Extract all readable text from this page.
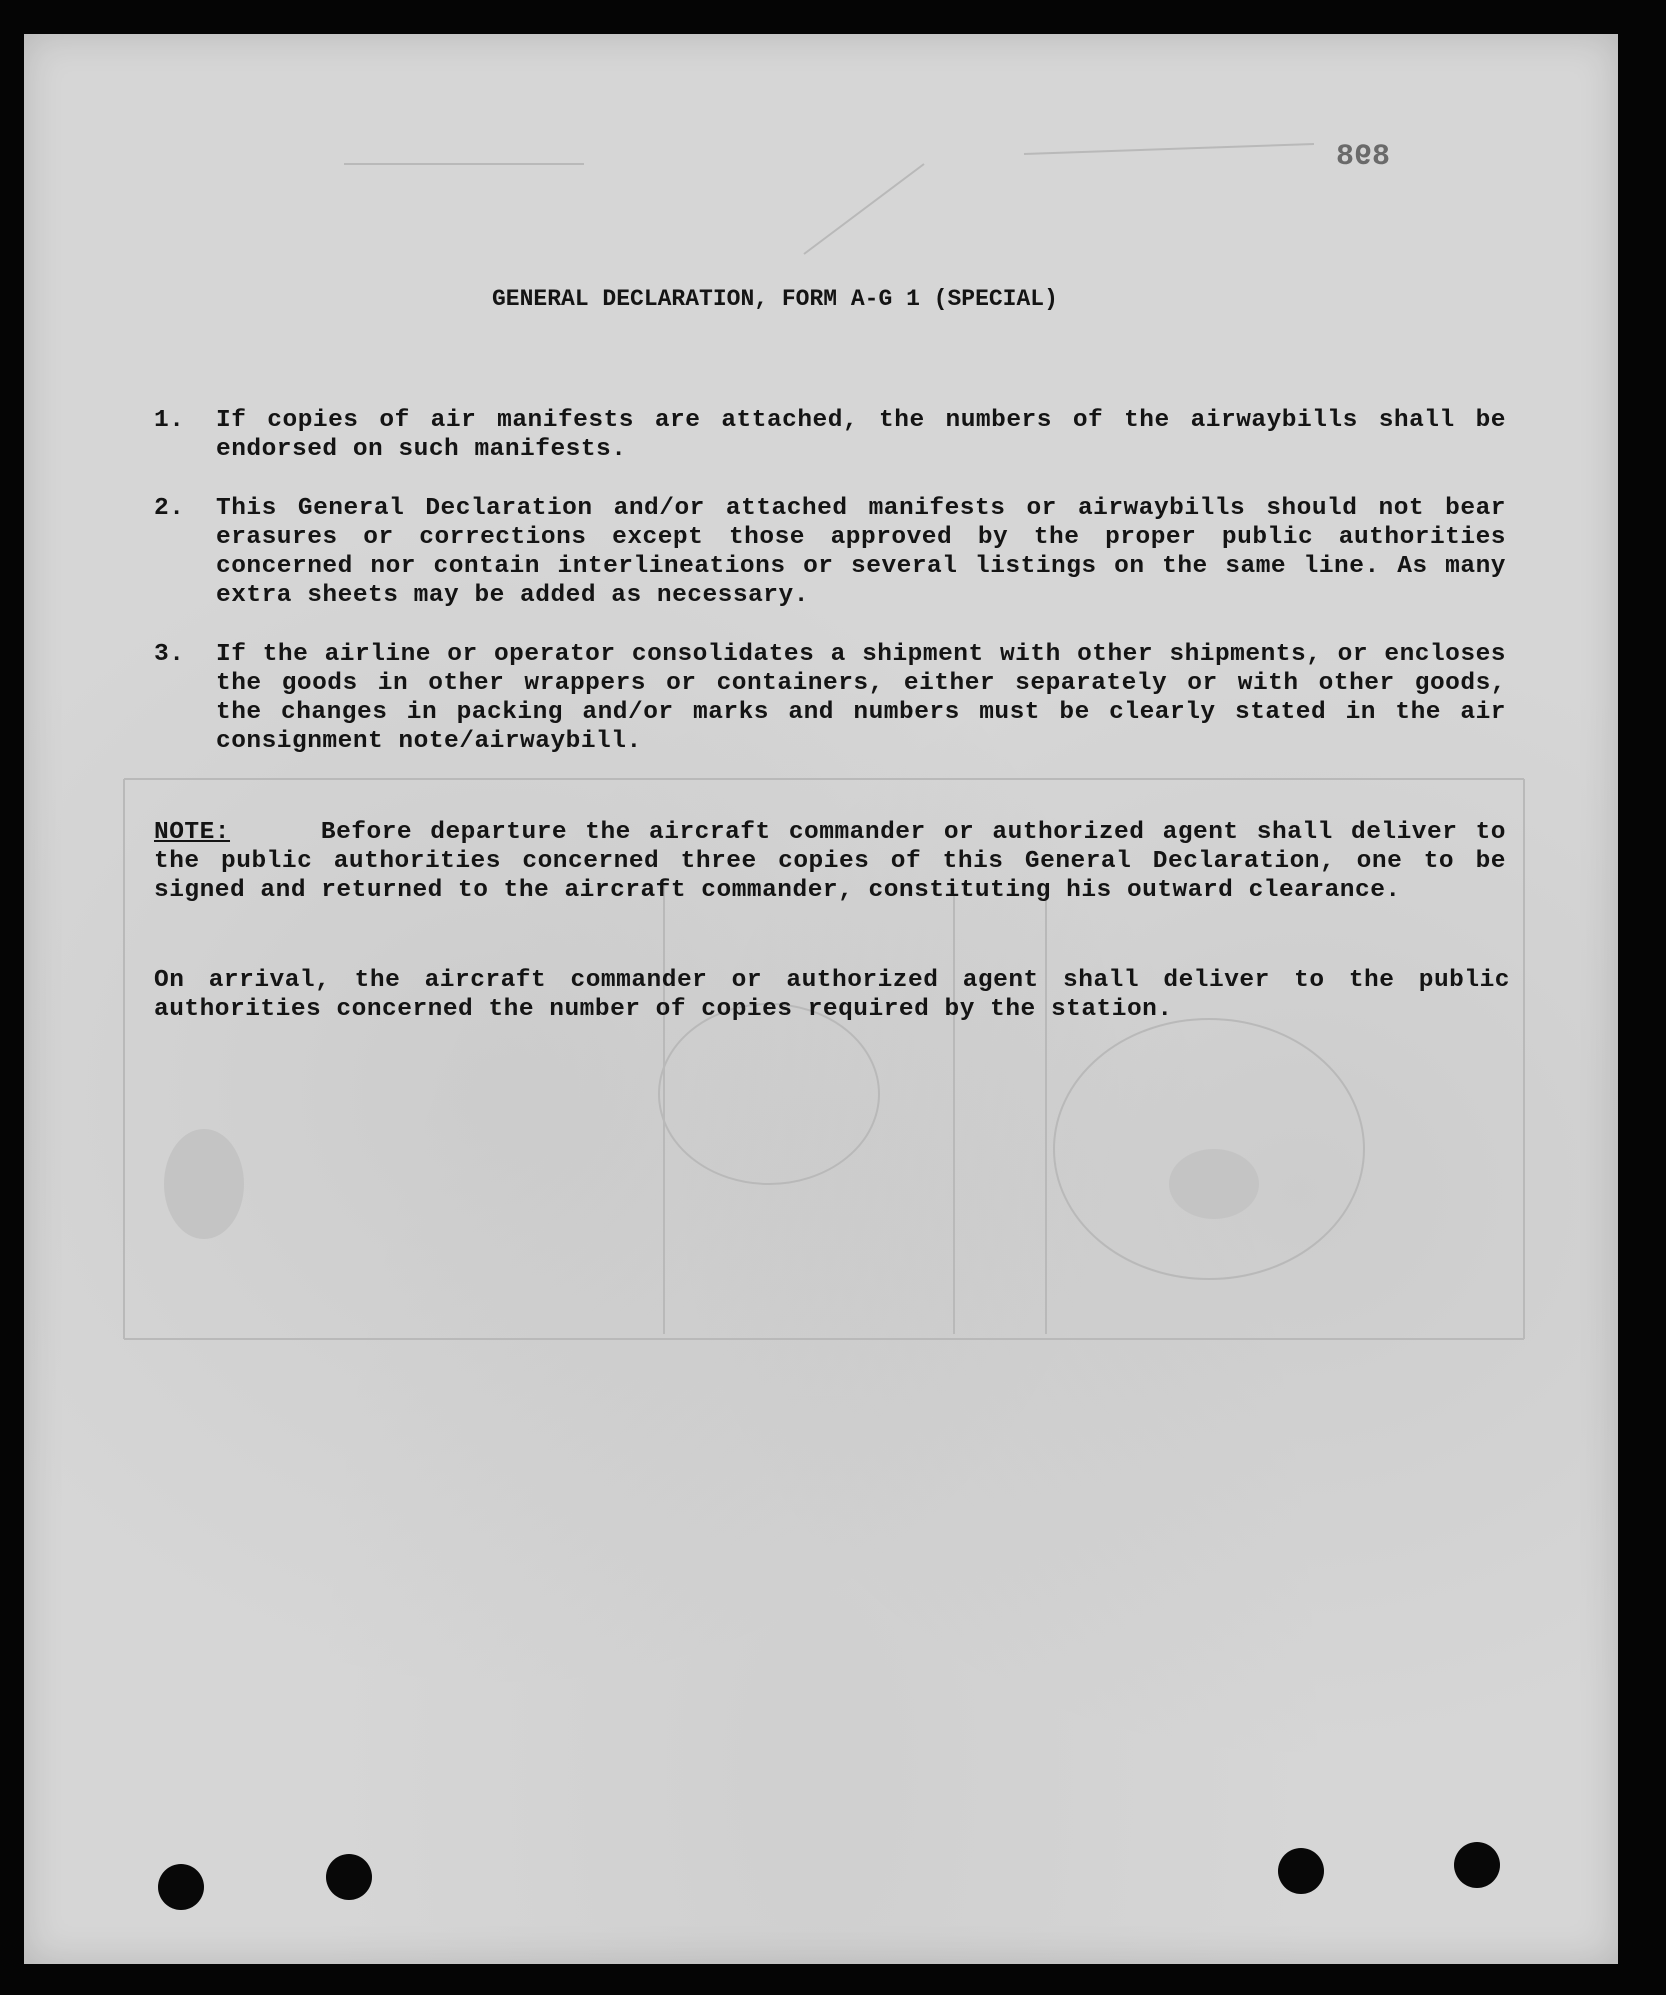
898
GENERAL DECLARATION, FORM A-G 1 (SPECIAL)
1.	If copies of air manifests are attached, the numbers of the airwaybills shall be endorsed on such manifests.
2.	This General Declaration and/or attached manifests or airwaybills should not bear erasures or corrections except those approved by the proper public authorities concerned nor contain interlineations or several listings on the same line. As many extra sheets may be added as necessary.
3.	If the airline or operator consolidates a shipment with other shipments, or encloses the goods in other wrappers or containers, either separately or with other goods, the changes in packing and/or marks and numbers must be clearly stated in the air consignment note/airwaybill.
NOTE:	Before departure the aircraft commander or authorized agent shall deliver to the public authorities concerned three copies of this General Declaration, one to be signed and returned to the aircraft commander, constituting his outward clearance.
On arrival, the aircraft commander or authorized agent shall deliver to the public authorities concerned the number of copies required by the station.
